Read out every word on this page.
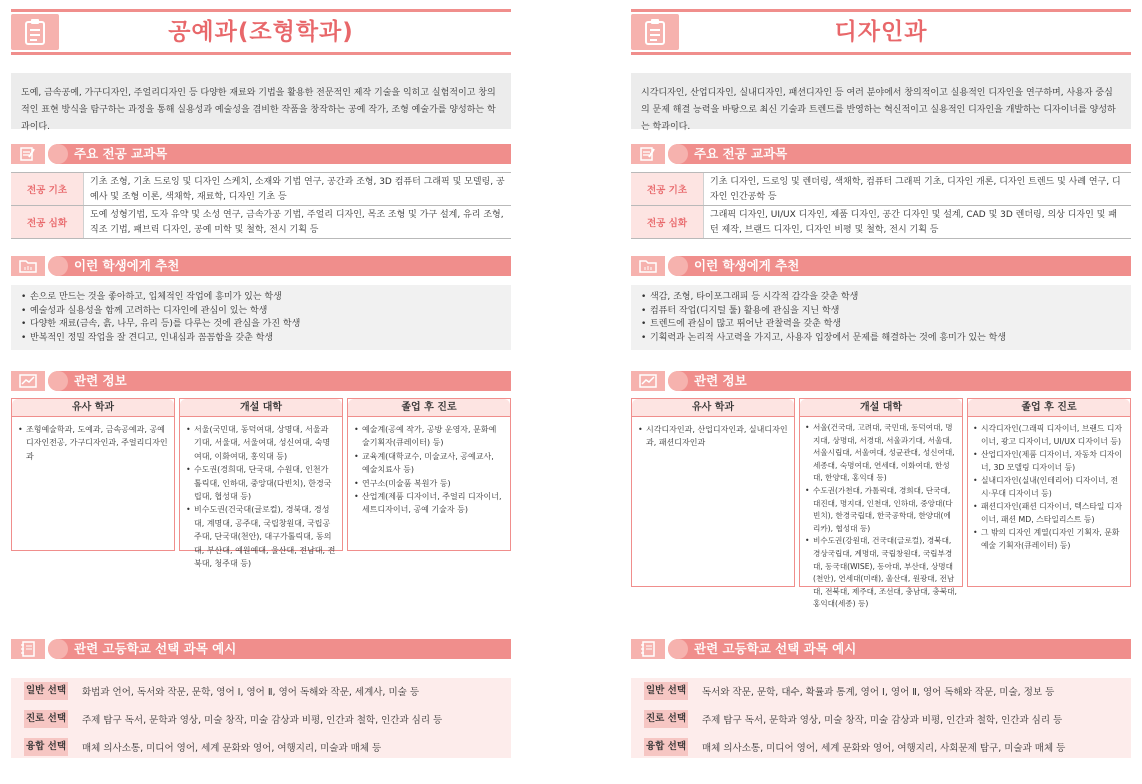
공예과(조형학과)
도예, 금속공예, 가구디자인, 주얼리디자인 등 다양한 재료와 기법을 활용한 전문적인 제작 기술을 익히고 실험적이고 창의적인 표현 방식을 탐구하는 과정을 통해 실용성과 예술성을 겸비한 작품을 창작하는 공예 작가, 조형 예술가를 양성하는 학과이다.
주요 전공 교과목
전공 기초
기초 조형, 기초 드로잉 및 디자인 스케치, 소재와 기법 연구, 공간과 조형, 3D 컴퓨터 그래픽 및 모델링, 공예사 및 조형 이론, 색채학, 재료학, 디자인 기초 등
전공 심화
도예 성형기법, 도자 유약 및 소성 연구, 금속가공 기법, 주얼리 디자인, 목조 조형 및 가구 설계, 유리 조형, 직조 기법, 패브릭 디자인, 공예 미학 및 철학, 전시 기획 등
이런 학생에게 추천
• 손으로 만드는 것을 좋아하고, 입체적인 작업에 흥미가 있는 학생
• 예술성과 실용성을 함께 고려하는 디자인에 관심이 있는 학생
• 다양한 재료(금속, 흙, 나무, 유리 등)를 다루는 것에 관심을 가진 학생
• 반복적인 정밀 작업을 잘 견디고, 인내심과 꼼꼼함을 갖춘 학생
관련 정보
유사 학과
• 조형예술학과, 도예과, 금속공예과, 공예디자인전공, 가구디자인과, 주얼리디자인과
개설 대학
• 서울(국민대, 동덕여대, 상명대, 서울과기대, 서울대, 서울여대, 성신여대, 숙명여대, 이화여대, 홍익대 등)
• 수도권(경희대, 단국대, 수원대, 인천가톨릭대, 인하대, 중앙대(다빈치), 한경국립대, 협성대 등)
• 비수도권(건국대(글로컬), 경북대, 경성대, 계명대, 공주대, 국립창원대, 국립공주대, 단국대(천안), 대구가톨릭대, 동의대, 부산대, 예원예대, 울산대, 전남대, 전북대, 청주대 등)
졸업 후 진로
• 예술계(공예 작가, 공방 운영자, 문화예술기획자(큐레이터) 등)
• 교육계(대학교수, 미술교사, 공예교사, 예술치료사 등)
• 연구소(미술품 복원가 등)
• 산업계(제품 디자이너, 주얼리 디자이너, 세트디자이너, 공예 기술자 등)
관련 고등학교 선택 과목 예시
일반 선택 화법과 언어, 독서와 작문, 문학, 영어 Ⅰ, 영어 Ⅱ, 영어 독해와 작문, 세계사, 미술 등
진로 선택 주제 탐구 독서, 문학과 영상, 미술 창작, 미술 감상과 비평, 인간과 철학, 인간과 심리 등
융합 선택 매체 의사소통, 미디어 영어, 세계 문화와 영어, 여행지리, 미술과 매체 등
디자인과
시각디자인, 산업디자인, 실내디자인, 패션디자인 등 여러 분야에서 창의적이고 실용적인 디자인을 연구하며, 사용자 중심의 문제 해결 능력을 바탕으로 최신 기술과 트렌드를 반영하는 혁신적이고 실용적인 디자인을 개발하는 디자이너를 양성하는 학과이다.
주요 전공 교과목
전공 기초
기초 디자인, 드로잉 및 렌더링, 색채학, 컴퓨터 그래픽 기초, 디자인 개론, 디자인 트렌드 및 사례 연구, 디자인 인간공학 등
전공 심화
그래픽 디자인, UI/UX 디자인, 제품 디자인, 공간 디자인 및 설계, CAD 및 3D 렌더링, 의상 디자인 및 패턴 제작, 브랜드 디자인, 디자인 비평 및 철학, 전시 기획 등
이런 학생에게 추천
• 색감, 조형, 타이포그래피 등 시각적 감각을 갖춘 학생
• 컴퓨터 작업(디지털 툴) 활용에 관심을 지닌 학생
• 트렌드에 관심이 많고 뛰어난 관찰력을 갖춘 학생
• 기획력과 논리적 사고력을 가지고, 사용자 입장에서 문제를 해결하는 것에 흥미가 있는 학생
관련 정보
유사 학과
• 시각디자인과, 산업디자인과, 실내디자인과, 패션디자인과
개설 대학
• 서울(건국대, 고려대, 국민대, 동덕여대, 명지대, 상명대, 서경대, 서울과기대, 서울대, 서울시립대, 서울여대, 성균관대, 성신여대, 세종대, 숙명여대, 연세대, 이화여대, 한성대, 한양대, 홍익대 등)
• 수도권(가천대, 가톨릭대, 경희대, 단국대, 대진대, 명지대, 인천대, 인하대, 중앙대(다빈치), 한경국립대, 한국공학대, 한양대(에리카), 협성대 등)
• 비수도권(강원대, 건국대(글로컬), 경북대, 경상국립대, 계명대, 국립창원대, 국립부경대, 동국대(WISE), 동아대, 부산대, 상명대(천안), 연세대(미래), 울산대, 원광대, 전남대, 전북대, 제주대, 조선대, 충남대, 충북대, 홍익대(세종) 등)
졸업 후 진로
• 시각디자인(그래픽 디자이너, 브랜드 디자이너, 광고 디자이너, UI/UX 디자이너 등)
• 산업디자인(제품 디자이너, 자동차 디자이너, 3D 모델링 디자이너 등)
• 실내디자인(실내(인테리어) 디자이너, 전시·무대 디자이너 등)
• 패션디자인(패션 디자이너, 텍스타일 디자이너, 패션 MD, 스타일리스트 등)
• 그 밖의 디자인 계열(디자인 기획자, 문화예술 기획자(큐레이터) 등)
관련 고등학교 선택 과목 예시
일반 선택 독서와 작문, 문학, 대수, 확률과 통계, 영어 Ⅰ, 영어 Ⅱ, 영어 독해와 작문, 미술, 정보 등
진로 선택 주제 탐구 독서, 문학과 영상, 미술 창작, 미술 감상과 비평, 인간과 철학, 인간과 심리 등
융합 선택 매체 의사소통, 미디어 영어, 세계 문화와 영어, 여행지리, 사회문제 탐구, 미술과 매체 등
